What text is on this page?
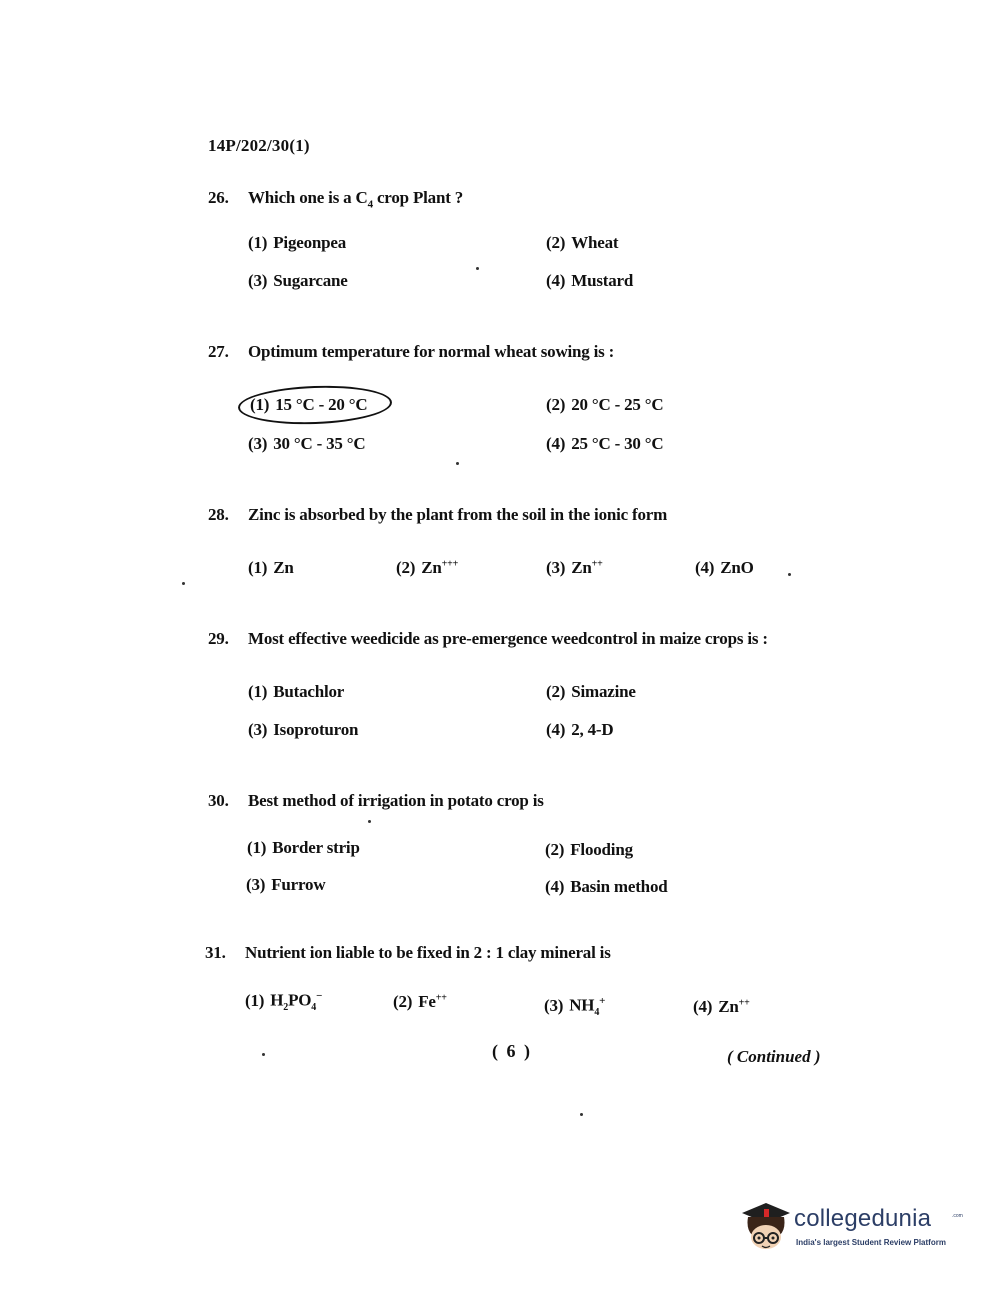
14P/202/30(1)
26. Which one is a $C_4$ crop Plant ?
(1) Pigeonpea	(2) Wheat
(3) Sugarcane	(4) Mustard
27. Optimum temperature for normal wheat sowing is :
(1) 15 °C - 20 °C	(2) 20 °C - 25 °C
(3) 30 °C - 35 °C	(4) 25 °C - 30 °C
28. Zinc is absorbed by the plant from the soil in the ionic form
(1) Zn	(2) Zn+++	(3) Zn++	(4) ZnO
29. Most effective weedicide as pre-emergence weedcontrol in maize crops is :
(1) Butachlor	(2) Simazine
(3) Isoproturon	(4) 2, 4-D
30. Best method of irrigation in potato crop is
(1) Border strip	(2) Flooding
(3) Furrow	(4) Basin method
31. Nutrient ion liable to be fixed in 2 : 1 clay mineral is
(1) $H_2PO_4^-$	(2) Fe++	(3) $NH_4^+$	(4) Zn++
( 6 )	( Continued )
collegedunia	.com
India's largest Student Review Platform
